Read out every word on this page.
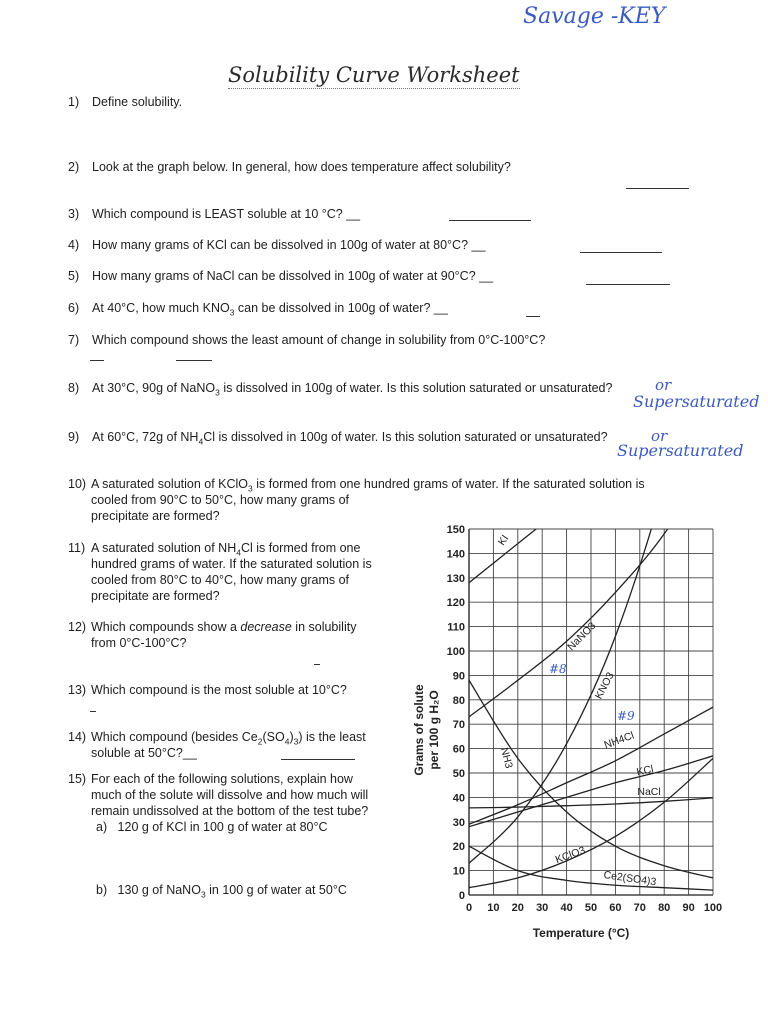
Savage -KEY
Solubility Curve Worksheet
1) Define solubility.
2) Look at the graph below. In general, how does temperature affect solubility?
3) Which compound is LEAST soluble at 10 °C? __
4) How many grams of KCl can be dissolved in 100g of water at 80°C? __
5) How many grams of NaCl can be dissolved in 100g of water at 90°C? __
6) At 40°C, how much $KNO_3$ can be dissolved in 100g of water? __
7) Which compound shows the least amount of change in solubility from 0°C-100°C?
8) At 30°C, 90g of NaNO$_3$ is dissolved in 100g of water. Is this solution saturated or unsaturated?	or
Supersaturated
9) At 60°C, 72g of $NH_4Cl$ is dissolved in 100g of water. Is this solution saturated or unsaturated?	or
Supersaturated
10) A saturated solution of KClO$_3$ is formed from one hundred grams of water. If the saturated solution is
cooled from 90°C to 50°C, how many grams of
precipitate are formed?
11) A saturated solution of $NH_4Cl$ is formed from one
hundred grams of water. If the saturated solution is
cooled from 80°C to 40°C, how many grams of
precipitate are formed?
12) Which compounds show a decrease in solubility
from 0°C-100°C?
13) Which compound is the most soluble at 10°C?
14) Which compound (besides $Ce_2(SO_4)_3$) is the least
soluble at 50°C?__
15) For each of the following solutions, explain how
much of the solute will dissolve and how much will
remain undissolved at the bottom of the test tube?
a) 120 g of KCl in 100 g of water at 80°C
b) 130 g of NaNO$_3$ in 100 g of water at 50°C
0 10 20 30 40 50 60 70 80 90 100
0
10
20
30
40
50
60
70
80
90
100
110
120
130
140
150
KI
NaNO3
KNO3
NH3
NH4Cl
KCl
NaCl
KClO3
Ce2(SO4)3
Grams of solute per 100 g H₂O
Temperature (°C)
#8
#9
